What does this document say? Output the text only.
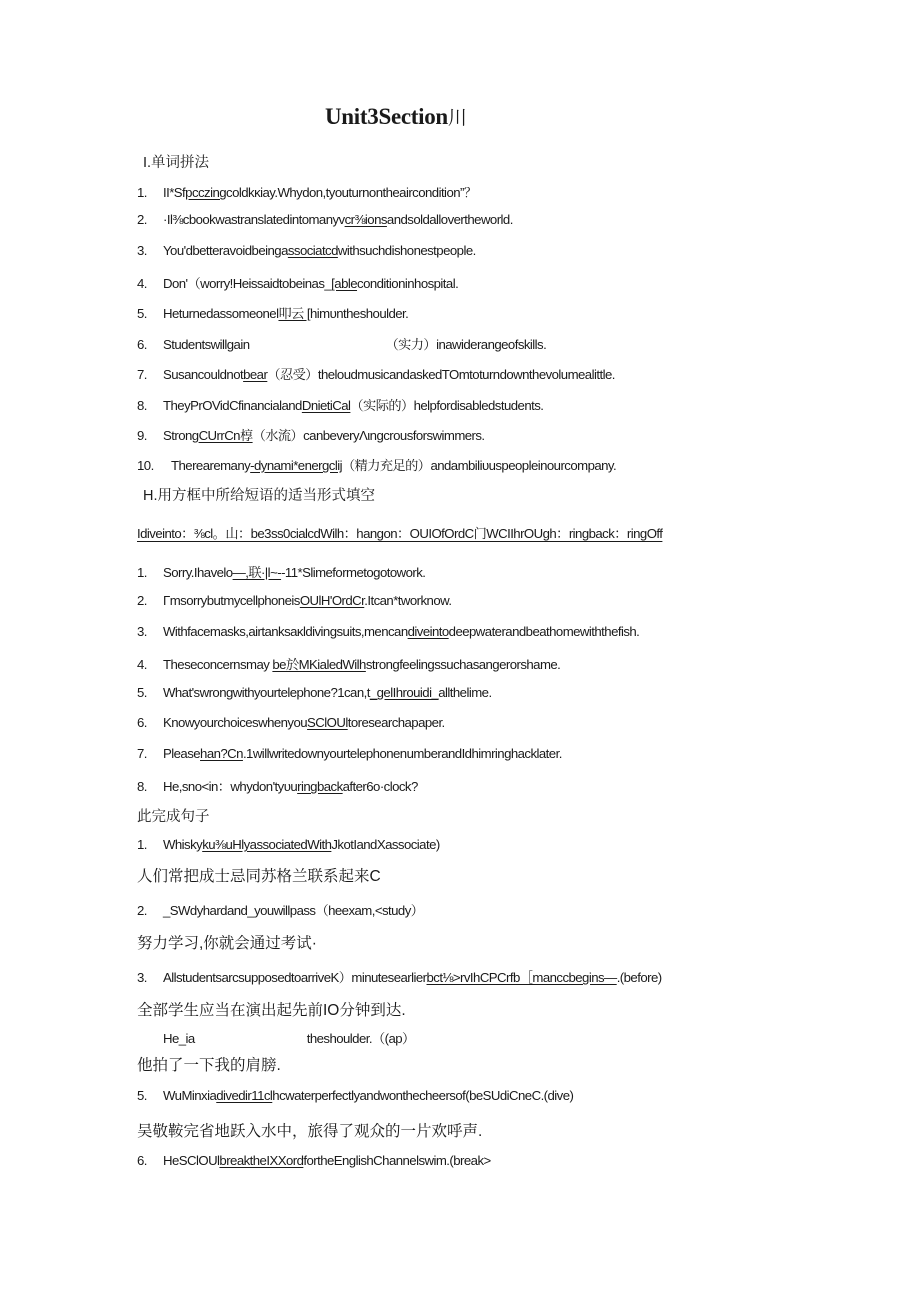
Unit3Section川
I.单词拼法
1. II*Sfpcczingcoldkκiay.Whydon,tyouturnontheaircondition”？
2. ·Il⅜cbookwastranslatedintomanyvcr⅜ionsandsoldallovertheworld.
3. You'dbetteravoidbeingassociatcdwithsuchdishonestpeople.
4. Don'（worry!Heissaidtobeinas_[ableconditioninhospital.
5. Heturnedassomeonel叩云 [himυntheshoulder.
6. Studentswillgain	（实力）inawiderangeofskills.
7. Susancouldnotbear（忍受）theloudmusicandaskedTOmtoturndownthevolumealittle.
8. TheyPrOVidCfinancialandDnietiCal（实际的）helpfordisabledstudents.
9. StrongCUrrCn椁（水流）canbeveryΛιngcrousforswimmers.
10. Therearemany-dynami*energclij（精力充足的）andambiliυuspeopleinourcompany.
H.用方框中所给短语的适当形式填空
Idiveinto：⅜cl。山：be3ss0cialcdWilh：hangon：OUIOfOrdC门WCIIhrOUgh：ringback：ringOff
1. Sorry.Ihavelo—,联·|l~--11*Slimeformetogotowork.
2. ΓmsorrybutmycellphoneisOUlH'OrdCr.Itcan*tworknow.
3. Withfacemasks,airtanksaκldivingsuits,mencandiveintodeepwaterandbeathomewiththefish.
4. Theseconcernsmay be於MKialedWilhstrongfeelingssuchasangerorshame.
5. What'swrongwithyourtelephone?1can,t_gelIhrouidi_allthelime.
6. KnowyourchoiceswhenyouSClOUltoresearchapaper.
7. Pleasehan?Cn.1willwritedownyourtelephonenumberandIdhimringhacklater.
8. He,sno<in：whydon'tyυuringbackafter6o·clock?
此完成句子
1. Whiskyku⅜uHlyassociatedWithJkotIandXassociate)
人们常把成士忌同苏格兰联系起来C
2. _SWdyhardand_youwillpass（heexam,<study）
努力学习,你就会通过考试·
3. AllstudentsarcsupposedtoarriveK）minutesearlierbct⅛>rvIhCPCrfb［manccbegins—.(before)
全部学生应当在演出起先前IO分钟到达.
He_ia	theshoulder.（(ap）
他拍了一下我的肩膀.
5. WuMinxiadivedir11clhcwaterperfectlyandwonthecheersof(beSUdiCneC.(dive)
吴敬鞍完省地跃入水中，旅得了观众的一片欢呼声.
6. HeSClOUlbreaktheIXXordfortheEnglishChannelswim.(break>
